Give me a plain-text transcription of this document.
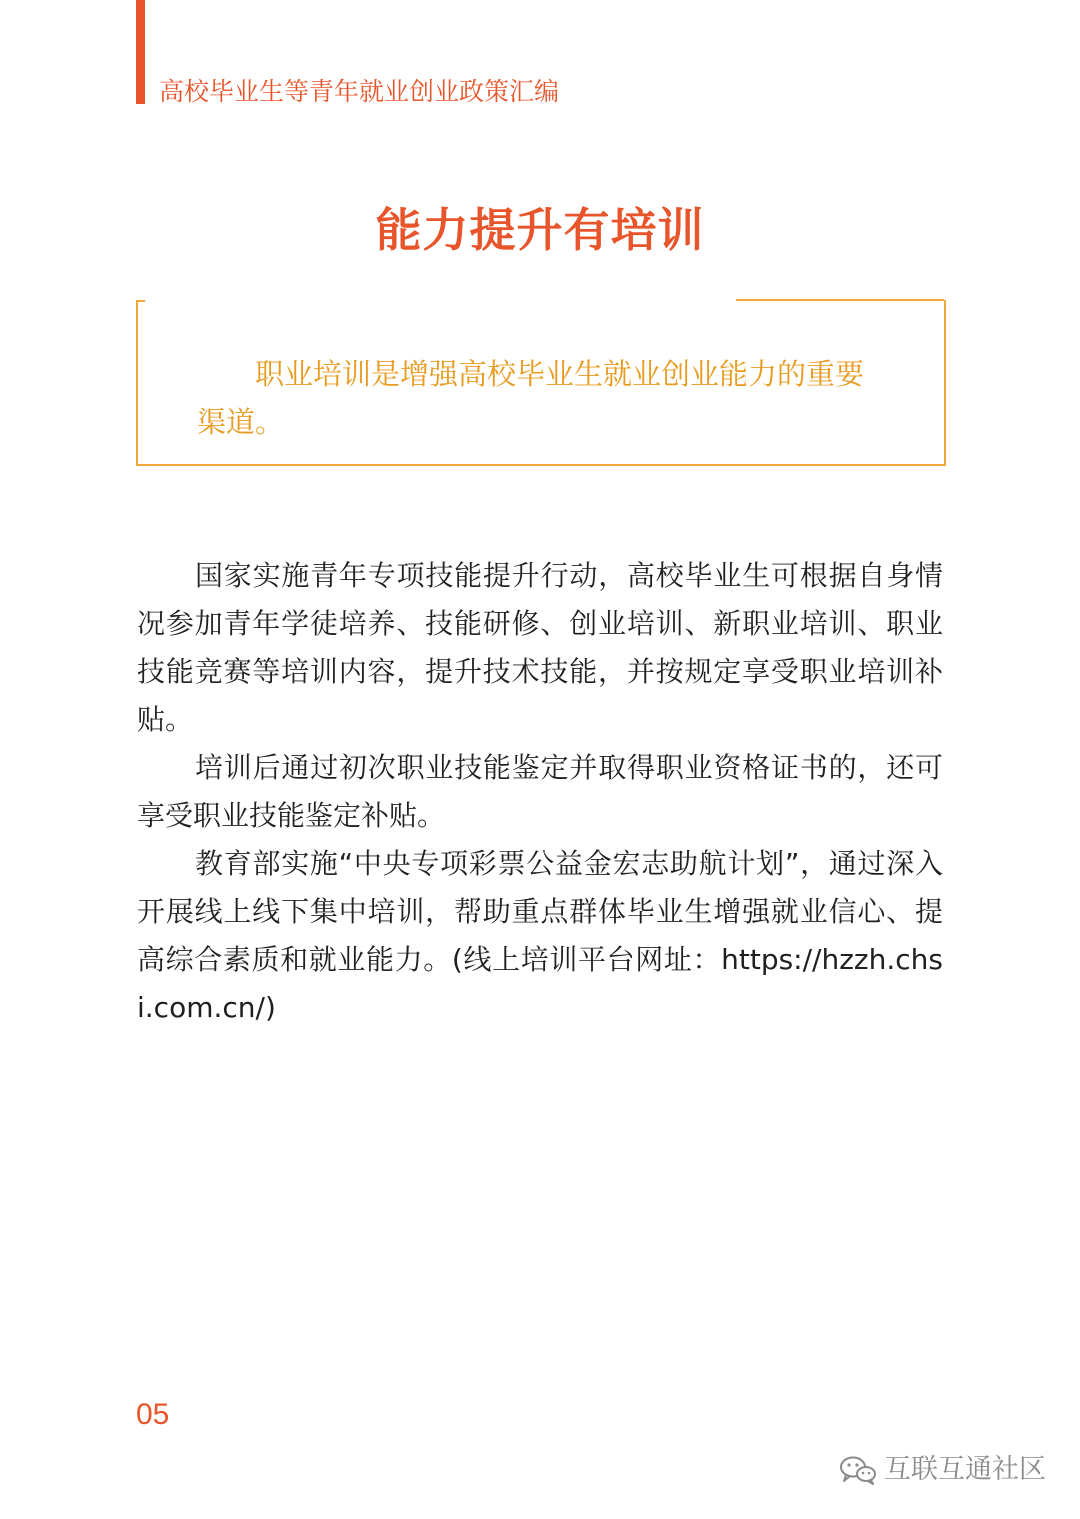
高校毕业生等青年就业创业政策汇编
能力提升有培训
职业培训是增强高校毕业生就业创业能力的重要渠道。

国家实施青年专项技能提升行动，高校毕业生可根据自身情况参加青年学徒培养、技能研修、创业培训、新职业培训、职业技能竞赛等培训内容，提升技术技能，并按规定享受职业培训补贴。

培训后通过初次职业技能鉴定并取得职业资格证书的，还可享受职业技能鉴定补贴。

教育部实施“中央专项彩票公益金宏志助航计划”，通过深入开展线上线下集中培训，帮助重点群体毕业生增强就业信心、提高综合素质和就业能力。(线上培训平台网址：https://hzzh.chsi.com.cn/)

05
互联互通社区
